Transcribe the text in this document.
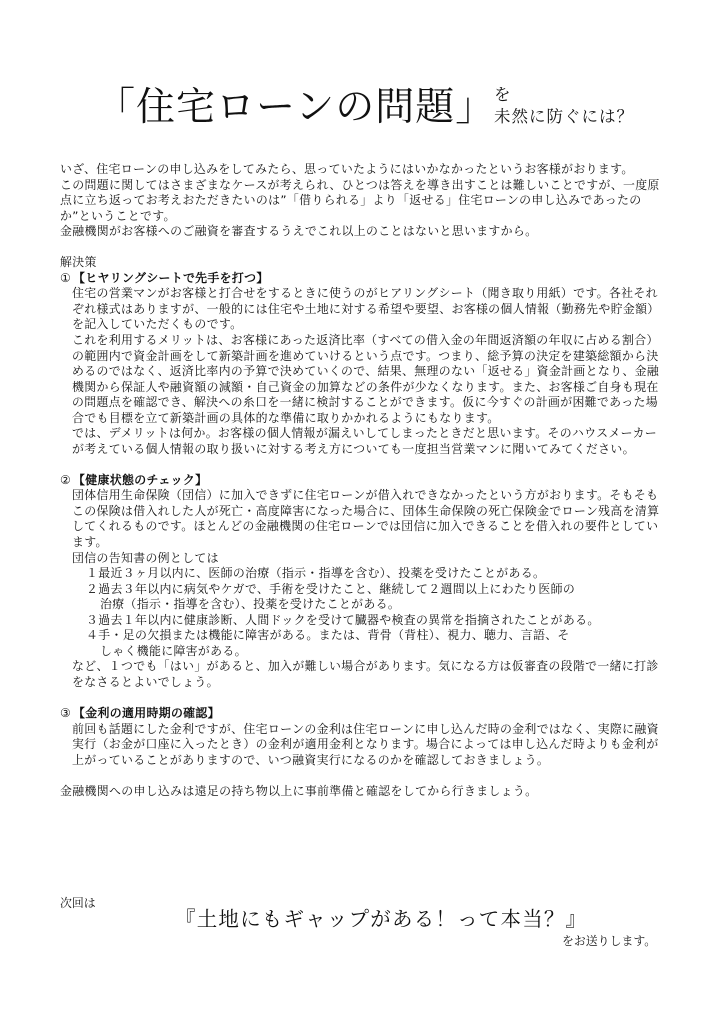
「住宅ローンの問題」
を
未然に防ぐには？

いざ、住宅ローンの申し込みをしてみたら、思っていたようにはいかなかったというお客様がおります。

この問題に関してはさまざまなケースが考えられ、ひとつは答えを導き出すことは難しいことですが、一度原点に立ち返ってお考えおただきたいのは”「借りられる」より「返せる」住宅ローンの申し込みであったのか”ということです。

金融機関がお客様へのご融資を審査するうえでこれ以上のことはないと思いますから。

解決策

① 【ヒヤリングシートで先手を打つ】

住宅の営業マンがお客様と打合せをするときに使うのがヒアリングシート（聞き取り用紙）です。各社それぞれ様式はありますが、一般的には住宅や土地に対する希望や要望、お客様の個人情報（勤務先や貯金額）を記入していただくものです。

これを利用するメリットは、お客様にあった返済比率（すべての借入金の年間返済額の年収に占める割合）の範囲内で資金計画をして新築計画を進めていけるという点です。つまり、総予算の決定を建築総額から決めるのではなく、返済比率内の予算で決めていくので、結果、無理のない「返せる」資金計画となり、金融機関から保証人や融資額の減額・自己資金の加算などの条件が少なくなります。また、お客様ご自身も現在の問題点を確認でき、解決への糸口を一緒に検討することができます。仮に今すぐの計画が困難であった場合でも目標を立て新築計画の具体的な準備に取りかかれるようにもなります。

では、デメリットは何か。お客様の個人情報が漏えいしてしまったときだと思います。そのハウスメーカーが考えている個人情報の取り扱いに対する考え方についても一度担当営業マンに聞いてみてください。

② 【健康状態のチェック】

団体信用生命保険（団信）に加入できずに住宅ローンが借入れできなかったという方がおります。そもそもこの保険は借入れした人が死亡・高度障害になった場合に、団体生命保険の死亡保険金でローン残高を清算してくれるものです。ほとんどの金融機関の住宅ローンでは団信に加入できることを借入れの要件としています。

団信の告知書の例としては

１最近３ヶ月以内に、医師の治療（指示・指導を含む）、投薬を受けたことがある。

２過去３年以内に病気やケガで、手術を受けたこと、継続して２週間以上にわたり医師の

治療（指示・指導を含む）、投薬を受けたことがある。

３過去１年以内に健康診断、人間ドックを受けて臓器や検査の異常を指摘されたことがある。

４手・足の欠損または機能に障害がある。または、背骨（背柱）、視力、聴力、言語、そ

しゃく機能に障害がある。

など、１つでも「はい」があると、加入が難しい場合があります。気になる方は仮審査の段階で一緒に打診をなさるとよいでしょう。

③ 【金利の適用時期の確認】

前回も話題にした金利ですが、住宅ローンの金利は住宅ローンに申し込んだ時の金利ではなく、実際に融資実行（お金が口座に入ったとき）の金利が適用金利となります。場合によっては申し込んだ時よりも金利が上がっていることがありますので、いつ融資実行になるのかを確認しておきましょう。

金融機関への申し込みは遠足の持ち物以上に事前準備と確認をしてから行きましょう。

次回は
『土地にもギャップがある！って本当？』
をお送りします。
